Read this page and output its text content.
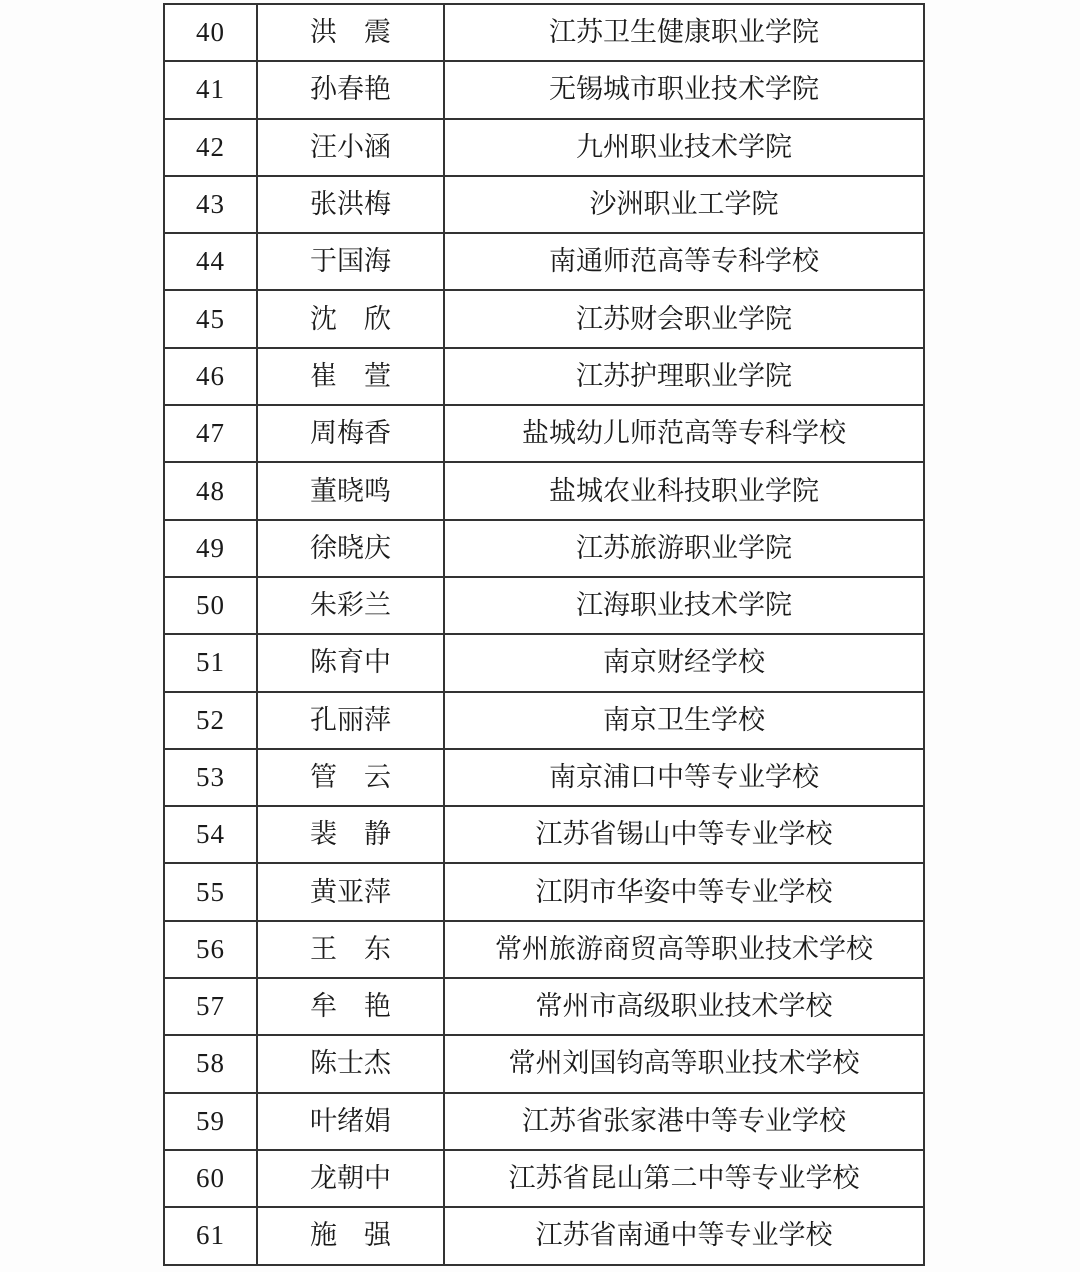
40	洪　震	江苏卫生健康职业学院
41	孙春艳	无锡城市职业技术学院
42	汪小涵	九州职业技术学院
43	张洪梅	沙洲职业工学院
44	于国海	南通师范高等专科学校
45	沈　欣	江苏财会职业学院
46	崔　萱	江苏护理职业学院
47	周梅香	盐城幼儿师范高等专科学校
48	董晓鸣	盐城农业科技职业学院
49	徐晓庆	江苏旅游职业学院
50	朱彩兰	江海职业技术学院
51	陈育中	南京财经学校
52	孔丽萍	南京卫生学校
53	管　云	南京浦口中等专业学校
54	裴　静	江苏省锡山中等专业学校
55	黄亚萍	江阴市华姿中等专业学校
56	王　东	常州旅游商贸高等职业技术学校
57	牟　艳	常州市高级职业技术学校
58	陈士杰	常州刘国钧高等职业技术学校
59	叶绪娟	江苏省张家港中等专业学校
60	龙朝中	江苏省昆山第二中等专业学校
61	施　强	江苏省南通中等专业学校
